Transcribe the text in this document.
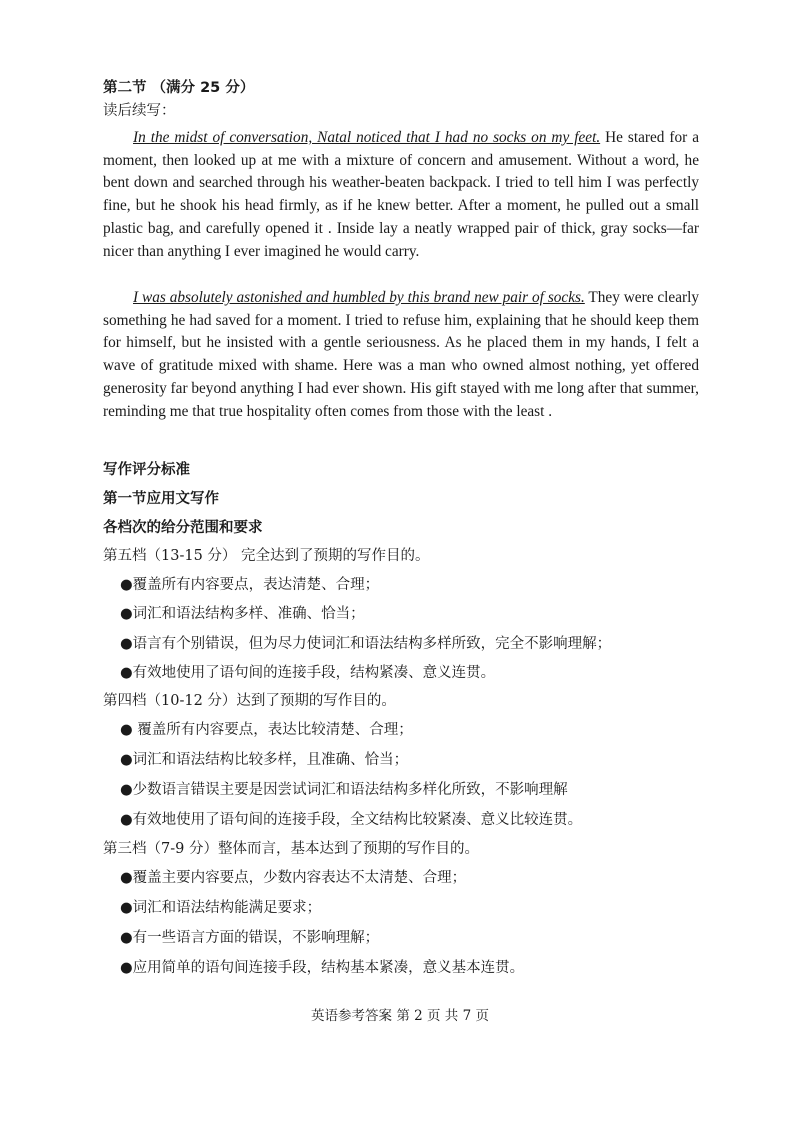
第二节 （满分 25 分）
读后续写：
In the midst of conversation, Natal noticed that I had no socks on my feet. He stared for a moment, then looked up at me with a mixture of concern and amusement. Without a word, he bent down and searched through his weather-beaten backpack. I tried to tell him I was perfectly fine, but he shook his head firmly, as if he knew better. After a moment, he pulled out a small plastic bag, and carefully opened it . Inside lay a neatly wrapped pair of thick, gray socks—far nicer than anything I ever imagined he would carry.
I was absolutely astonished and humbled by this brand new pair of socks. They were clearly something he had saved for a moment. I tried to refuse him, explaining that he should keep them for himself, but he insisted with a gentle seriousness. As he placed them in my hands, I felt a wave of gratitude mixed with shame. Here was a man who owned almost nothing, yet offered generosity far beyond anything I had ever shown. His gift stayed with me long after that summer, reminding me that true hospitality often comes from those with the least .
写作评分标准
第一节应用文写作
各档次的给分范围和要求
第五档（13-15 分） 完全达到了预期的写作目的。
●覆盖所有内容要点，表达清楚、合理；
●词汇和语法结构多样、准确、恰当；
●语言有个别错误，但为尽力使词汇和语法结构多样所致，完全不影响理解；
●有效地使用了语句间的连接手段，结构紧凑、意义连贯。
第四档（10-12 分）达到了预期的写作目的。
● 覆盖所有内容要点，表达比较清楚、合理；
●词汇和语法结构比较多样，且准确、恰当；
●少数语言错误主要是因尝试词汇和语法结构多样化所致，不影响理解
●有效地使用了语句间的连接手段，全文结构比较紧凑、意义比较连贯。
第三档（7-9 分）整体而言，基本达到了预期的写作目的。
●覆盖主要内容要点，少数内容表达不太清楚、合理；
●词汇和语法结构能满足要求；
●有一些语言方面的错误，不影响理解；
●应用简单的语句间连接手段，结构基本紧凑，意义基本连贯。
英语参考答案 第 2 页 共 7 页
